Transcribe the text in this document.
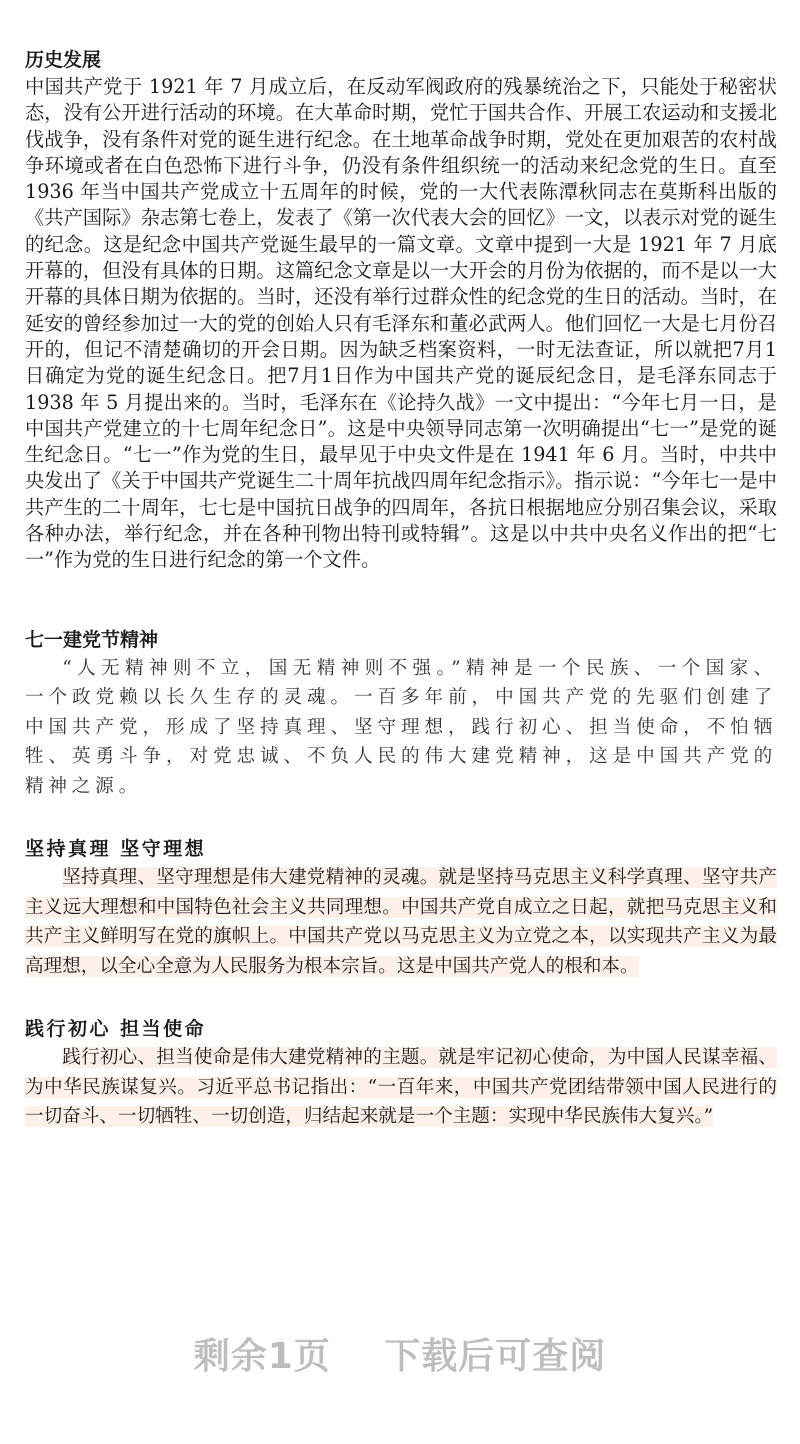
历史发展

中国共产党于 1921 年 7 月成立后，在反动军阀政府的残暴统治之下，只能处于秘密状态，没有公开进行活动的环境。在大革命时期，党忙于国共合作、开展工农运动和支援北伐战争，没有条件对党的诞生进行纪念。在土地革命战争时期，党处在更加艰苦的农村战争环境或者在白色恐怖下进行斗争，仍没有条件组织统一的活动来纪念党的生日。直至 1936 年当中国共产党成立十五周年的时候，党的一大代表陈潭秋同志在莫斯科出版的《共产国际》杂志第七卷上，发表了《第一次代表大会的回忆》一文，以表示对党的诞生的纪念。这是纪念中国共产党诞生最早的一篇文章。文章中提到一大是 1921 年 7 月底开幕的，但没有具体的日期。这篇纪念文章是以一大开会的月份为依据的，而不是以一大开幕的具体日期为依据的。当时，还没有举行过群众性的纪念党的生日的活动。当时，在延安的曾经参加过一大的党的创始人只有毛泽东和董必武两人。他们回忆一大是七月份召开的，但记不清楚确切的开会日期。因为缺乏档案资料，一时无法查证，所以就把7月1日确定为党的诞生纪念日。把7月1日作为中国共产党的诞辰纪念日，是毛泽东同志于 1938 年 5 月提出来的。当时，毛泽东在《论持久战》一文中提出：“今年七月一日，是中国共产党建立的十七周年纪念日”。这是中央领导同志第一次明确提出“七一”是党的诞生纪念日。“七一”作为党的生日，最早见于中央文件是在 1941 年 6 月。当时，中共中央发出了《关于中国共产党诞生二十周年抗战四周年纪念指示》。指示说：“今年七一是中共产生的二十周年，七七是中国抗日战争的四周年，各抗日根据地应分别召集会议，采取各种办法，举行纪念，并在各种刊物出特刊或特辑”。这是以中共中央名义作出的把“七一”作为党的生日进行纪念的第一个文件。

七一建党节精神

“人无精神则不立，国无精神则不强。”精神是一个民族、一个国家、一个政党赖以长久生存的灵魂。一百多年前，中国共产党的先驱们创建了中国共产党，形成了坚持真理、坚守理想，践行初心、担当使命，不怕牺牲、英勇斗争，对党忠诚、不负人民的伟大建党精神，这是中国共产党的精神之源。

坚持真理 坚守理想

坚持真理、坚守理想是伟大建党精神的灵魂。就是坚持马克思主义科学真理、坚守共产主义远大理想和中国特色社会主义共同理想。中国共产党自成立之日起，就把马克思主义和共产主义鲜明写在党的旗帜上。中国共产党以马克思主义为立党之本，以实现共产主义为最高理想，以全心全意为人民服务为根本宗旨。这是中国共产党人的根和本。

践行初心 担当使命

践行初心、担当使命是伟大建党精神的主题。就是牢记初心使命，为中国人民谋幸福、为中华民族谋复兴。习近平总书记指出：“一百年来，中国共产党团结带领中国人民进行的一切奋斗、一切牺牲、一切创造，归结起来就是一个主题：实现中华民族伟大复兴。”

剩余1页 下载后可查阅
